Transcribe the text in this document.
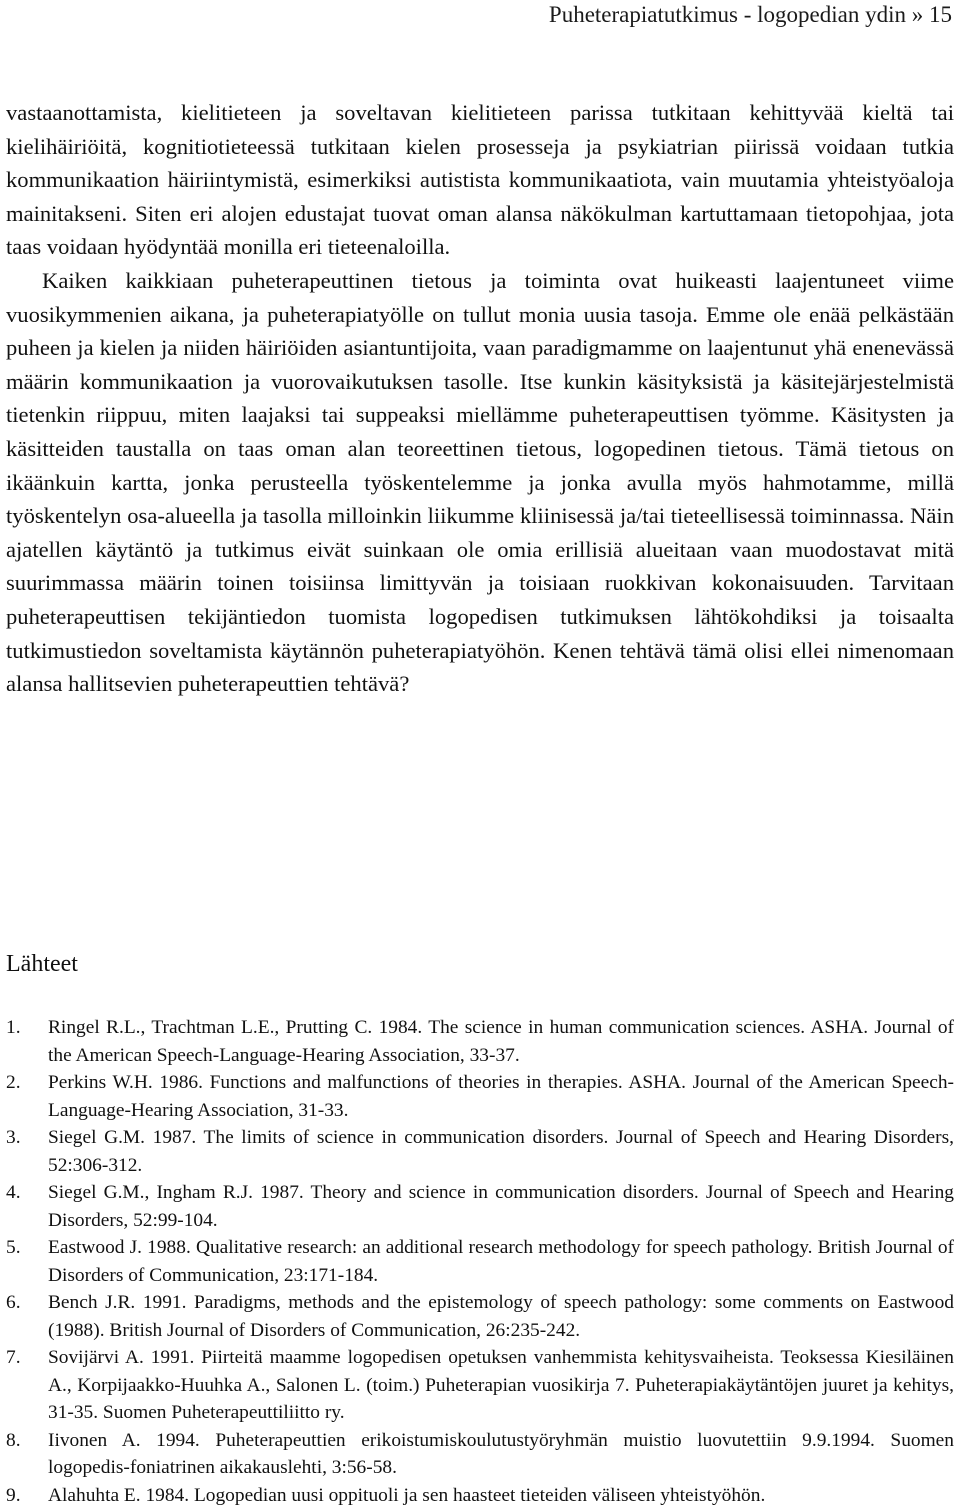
Puheterapiatutkimus - logopedian ydin » 15

vastaanottamista, kielitieteen ja soveltavan kielitieteen parissa tutkitaan kehittyvää kieltä tai kielihäiriöitä, kognitiotieteessä tutkitaan kielen prosesseja ja psykiatrian piirissä voidaan tutkia kommunikaation häiriintymistä, esimerkiksi autistista kommunikaatiota, vain muutamia yhteistyöaloja mainitakseni. Siten eri alojen edustajat tuovat oman alansa näkökulman kartuttamaan tietopohjaa, jota taas voidaan hyödyntää monilla eri tieteenaloilla.

Kaiken kaikkiaan puheterapeuttinen tietous ja toiminta ovat huikeasti laajentuneet viime vuosikymmenien aikana, ja puheterapiatyölle on tullut monia uusia tasoja. Emme ole enää pelkästään puheen ja kielen ja niiden häiriöiden asiantuntijoita, vaan paradigmamme on laajentunut yhä enenevässä määrin kommunikaation ja vuorovaikutuksen tasolle. Itse kunkin käsityksistä ja käsitejärjestelmistä tietenkin riippuu, miten laajaksi tai suppeaksi miellämme puheterapeuttisen työmme. Käsitysten ja käsitteiden taustalla on taas oman alan teoreettinen tietous, logopedinen tietous. Tämä tietous on ikäänkuin kartta, jonka perusteella työskentelemme ja jonka avulla myös hahmotamme, millä työskentelyn osa-alueella ja tasolla milloinkin liikumme kliinisessä ja/tai tieteellisessä toiminnassa. Näin ajatellen käytäntö ja tutkimus eivät suinkaan ole omia erillisiä alueitaan vaan muodostavat mitä suurimmassa määrin toinen toisiinsa limittyvän ja toisiaan ruokkivan kokonaisuuden. Tarvitaan puheterapeuttisen tekijäntiedon tuomista logopedisen tutkimuksen lähtökohdiksi ja toisaalta tutkimustiedon soveltamista käytännön puheterapiatyöhön. Kenen tehtävä tämä olisi ellei nimenomaan alansa hallitsevien puheterapeuttien tehtävä?

Lähteet
1. Ringel R.L., Trachtman L.E., Prutting C. 1984. The science in human communication sciences. ASHA. Journal of the American Speech-Language-Hearing Association, 33-37.
2. Perkins W.H. 1986. Functions and malfunctions of theories in therapies. ASHA. Journal of the American Speech-Language-Hearing Association, 31-33.
3. Siegel G.M. 1987. The limits of science in communication disorders. Journal of Speech and Hearing Disorders, 52:306-312.
4. Siegel G.M., Ingham R.J. 1987. Theory and science in communication disorders. Journal of Speech and Hearing Disorders, 52:99-104.
5. Eastwood J. 1988. Qualitative research: an additional research methodology for speech pathology. British Journal of Disorders of Communication, 23:171-184.
6. Bench J.R. 1991. Paradigms, methods and the epistemology of speech pathology: some comments on Eastwood (1988). British Journal of Disorders of Communication, 26:235-242.
7. Sovijärvi A. 1991. Piirteitä maamme logopedisen opetuksen vanhemmista kehitysvaiheista. Teoksessa Kiesiläinen A., Korpijaakko-Huuhka A., Salonen L. (toim.) Puheterapian vuosikirja 7. Puheterapiakäytäntöjen juuret ja kehitys, 31-35. Suomen Puheterapeuttiliitto ry.
8. Iivonen A. 1994. Puheterapeuttien erikoistumiskoulutustyöryhmän muistio luovutettiin 9.9.1994. Suomen logopedis-foniatrinen aikakauslehti, 3:56-58.
9. Alahuhta E. 1984. Logopedian uusi oppituoli ja sen haasteet tieteiden väliseen yhteistyöhön.
